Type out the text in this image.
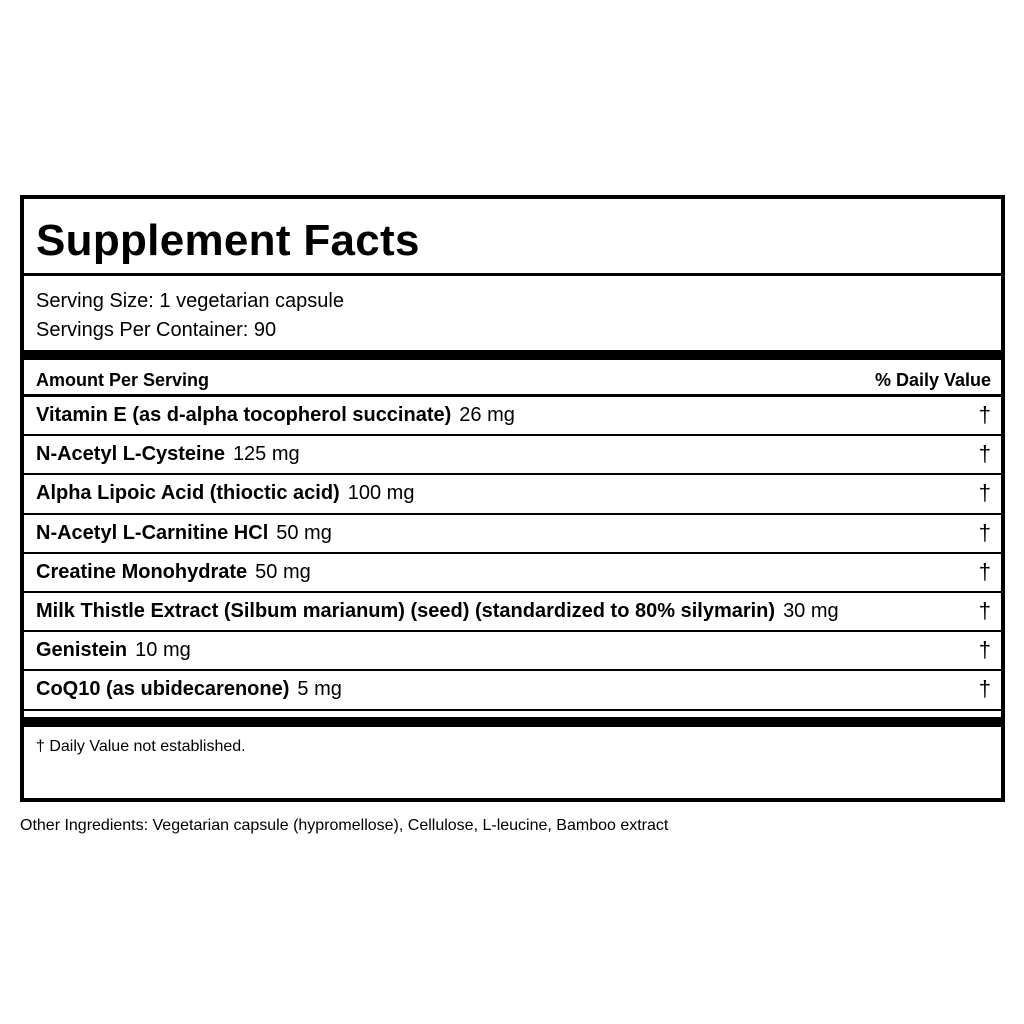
Supplement Facts
Serving Size: 1 vegetarian capsule
Servings Per Container: 90
Amount Per Serving	% Daily Value
Vitamin E (as d-alpha tocopherol succinate) 26 mg	†
N-Acetyl L-Cysteine 125 mg	†
Alpha Lipoic Acid (thioctic acid) 100 mg	†
N-Acetyl L-Carnitine HCl 50 mg	†
Creatine Monohydrate 50 mg	†
Milk Thistle Extract (Silbum marianum) (seed) (standardized to 80% silymarin) 30 mg	†
Genistein 10 mg	†
CoQ10 (as ubidecarenone) 5 mg	†
† Daily Value not established.
Other Ingredients: Vegetarian capsule (hypromellose), Cellulose, L-leucine, Bamboo extract
